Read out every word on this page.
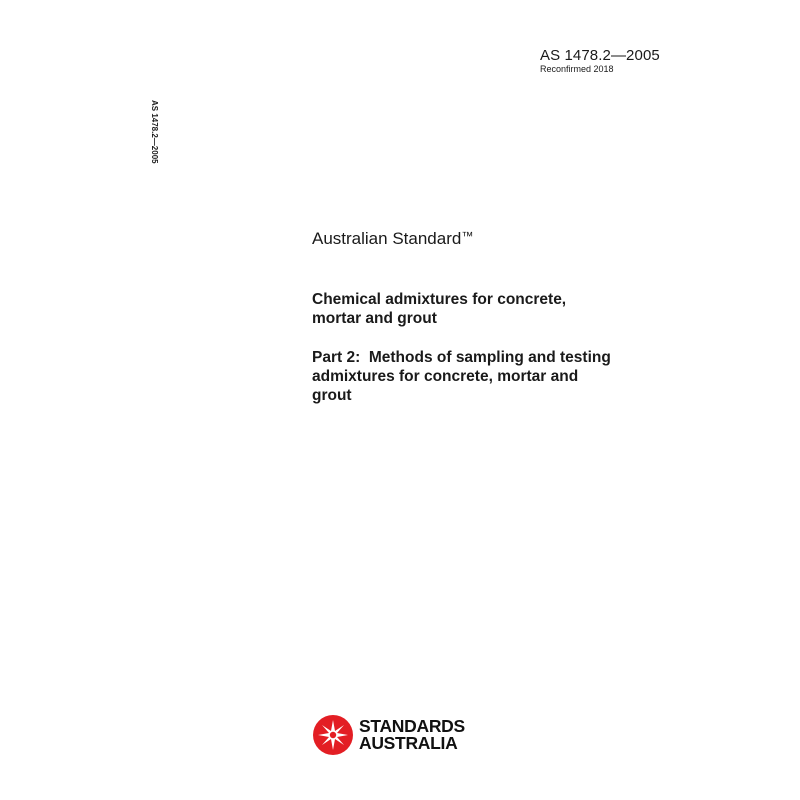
AS 1478.2—2005
Reconfirmed 2018
AS 1478.2—2005
Australian Standard™
Chemical admixtures for concrete,
mortar and grout
Part 2:  Methods of sampling and testing
admixtures for concrete, mortar and
grout
STANDARDS
AUSTRALIA
